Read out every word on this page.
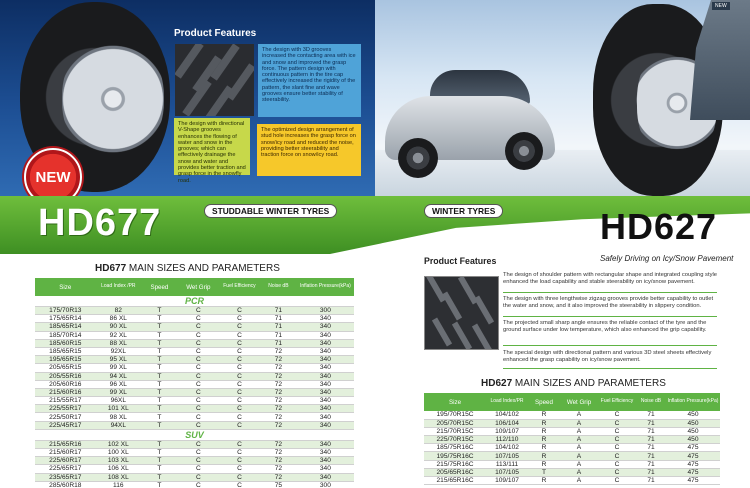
Product Features
The design with 3D grooves increased the contacting area with ice and snow and improved the grasp force. The pattern design with continuous pattern in the tire cap effectively increased the rigidity of the pattern, the slant fine and wave grooves ensure better stability of steerability.
The design with directional V-Shape grooves enhances the flowing of water and snow in the grooves; which can effectively drainage the snow and water and provides better traction and grasp force in the snowfly road.
The optimized design arrangement of stud hole increases the grasp force on snow/icy road and reduced the noise, providing better steerability and traction force on snow/icy road.
NEW
NEW
HD677	STUDDABLE WINTER TYRES	WINTER TYRES	HD627
Safely Driving on Icy/Snow Pavement
HD677 MAIN SIZES AND PARAMETERS
Size	Load Index /PR	Speed	Wet Grip	Fuel Efficiency	Noise dB	Inflation Pressure(kPa)
PCR						
175/70R13	82	T	C	C	71	300
175/65R14	86 XL	T	C	C	71	340
185/65R14	90 XL	T	C	C	71	340
185/70R14	92 XL	T	C	C	71	340
185/60R15	88 XL	T	C	C	71	340
185/65R15	92XL	T	C	C	72	340
195/65R15	95 XL	T	C	C	72	340
205/65R15	99 XL	T	C	C	72	340
205/55R16	94 XL	T	C	C	72	340
205/60R16	96 XL	T	C	C	72	340
215/60R16	99 XL	T	C	C	72	340
215/55R17	96XL	T	C	C	72	340
225/55R17	101 XL	T	C	C	72	340
225/50R17	98 XL	T	C	C	72	340
225/45R17	94XL	T	C	C	72	340
SUV						
215/65R16	102 XL	T	C	C	72	340
215/60R17	100 XL	T	C	C	72	340
225/60R17	103 XL	T	C	C	72	340
225/65R17	106 XL	T	C	C	72	340
235/65R17	108 XL	T	C	C	72	340
285/60R18	116	T	C	C	75	300
Product Features
The design of shoulder pattern with rectangular shape and integrated coupling style enhanced the load capability and stable steerability on icy/snow pavement.
The design with three lengthwise zigzag grooves provide better capability to outlet the water and snow, and it also improved the steerability in slippery condition.
The projected small sharp angle ensures the reliable contact of the tyre and the ground surface under low temperature, which also enhanced the grip capability.
The special design with directional pattern and various 3D steel sheets effectively enhanced the grasp capability on icy/snow pavement.
HD627 MAIN SIZES AND PARAMETERS
Size	Load Index/PR	Speed	Wet Grip	Fuel Efficiency	Noise dB	Inflation Pressure(kPa)
195/70R15C	104/102	R	A	C	71	450
205/70R15C	106/104	R	A	C	71	450
215/70R15C	109/107	R	A	C	71	450
225/70R15C	112/110	R	A	C	71	450
185/75R16C	104/102	R	A	C	71	475
195/75R16C	107/105	R	A	C	71	475
215/75R16C	113/111	R	A	C	71	475
205/65R16C	107/105	T	A	C	71	475
215/65R16C	109/107	R	A	C	71	475
